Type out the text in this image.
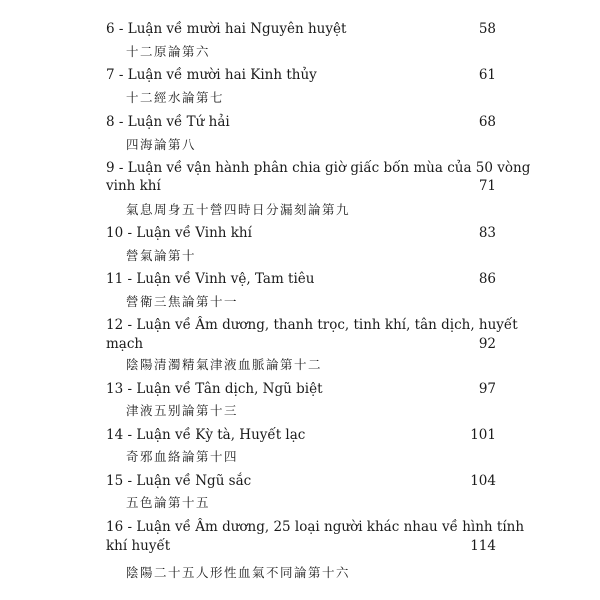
6 - Luận về mười hai Nguyên huyệt	58
十二原論第六
7 - Luận về mười hai Kinh thủy	61
十二經水論第七
8 - Luận về Tứ hải	68
四海論第八
9 - Luận về vận hành phân chia giờ giấc bốn mùa của 50 vòng
vinh khí	71
氣息周身五十營四時日分漏刻論第九
10 - Luận về Vinh khí	83
營氣論第十
11 - Luận về Vinh vệ, Tam tiêu	86
營衛三焦論第十一
12 - Luận về Âm dương, thanh trọc, tinh khí, tân dịch, huyết
mạch	92
陰陽清濁精氣津液血脈論第十二
13 - Luận về Tân dịch, Ngũ biệt	97
津液五别論第十三
14 - Luận về Kỳ tà, Huyết lạc	101
奇邪血絡論第十四
15 - Luận về Ngũ sắc	104
五色論第十五
16 - Luận về Âm dương, 25 loại người khác nhau về hình tính
khí huyết	114
陰陽二十五人形性血氣不同論第十六
